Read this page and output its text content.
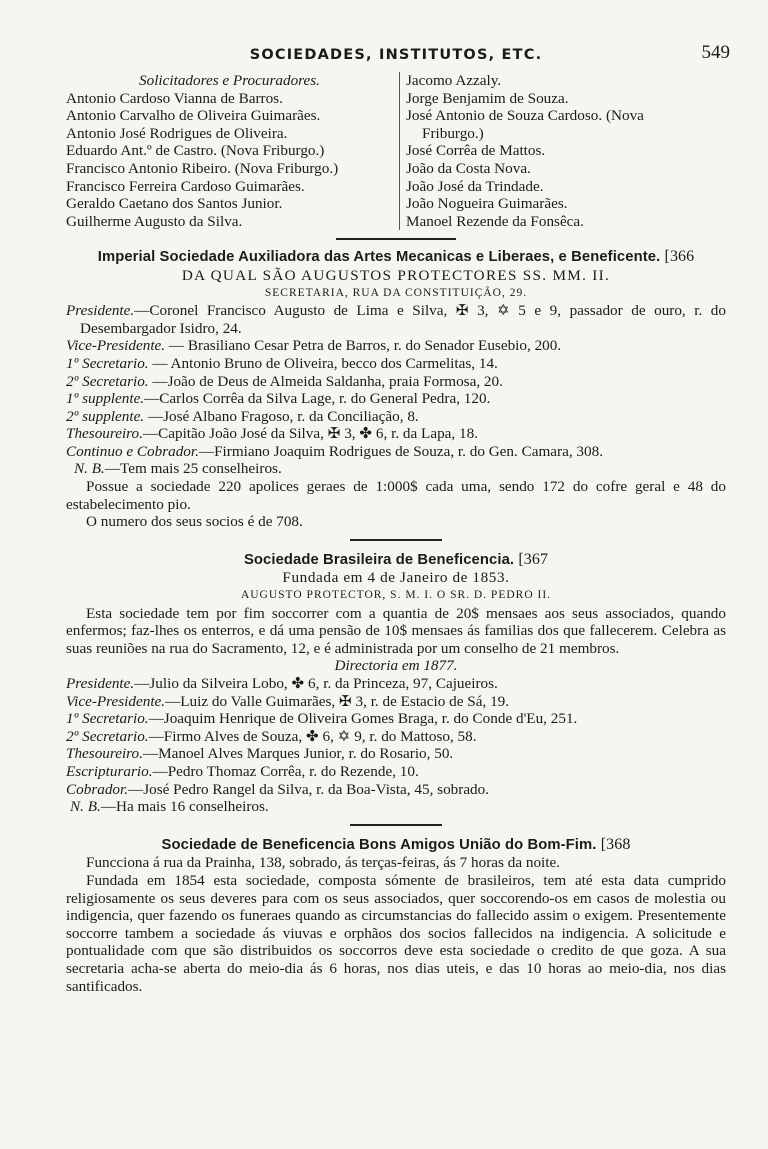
SOCIEDADES, INSTITUTOS, ETC.	549
Solicitadores e Procuradores.
Antonio Cardoso Vianna de Barros.
Antonio Carvalho de Oliveira Guimarães.
Antonio José Rodrigues de Oliveira.
Eduardo Ant.º de Castro. (Nova Friburgo.)
Francisco Antonio Ribeiro. (Nova Friburgo.)
Francisco Ferreira Cardoso Guimarães.
Geraldo Caetano dos Santos Junior.
Guilherme Augusto da Silva.
Jacomo Azzaly.
Jorge Benjamim de Souza.
José Antonio de Souza Cardoso. (Nova
Friburgo.)
José Corrêa de Mattos.
João da Costa Nova.
João José da Trindade.
João Nogueira Guimarães.
Manoel Rezende da Fonsêca.
Imperial Sociedade Auxiliadora das Artes Mecanicas e Liberaes, e Beneficente. [366
DA QUAL SÃO AUGUSTOS PROTECTORES SS. MM. II.
SECRETARIA, RUA DA CONSTITUIÇÃO, 29.
Presidente.—Coronel Francisco Augusto de Lima e Silva, ✠ 3, ✡ 5 e 9, passador de ouro, r. do Desembargador Isidro, 24.
Vice-Presidente. — Brasiliano Cesar Petra de Barros, r. do Senador Eusebio, 200.
1º Secretario. — Antonio Bruno de Oliveira, becco dos Carmelitas, 14.
2º Secretario. —João de Deus de Almeida Saldanha, praia Formosa, 20.
1º supplente.—Carlos Corrêa da Silva Lage, r. do General Pedra, 120.
2º supplente. —José Albano Fragoso, r. da Conciliação, 8.
Thesoureiro.—Capitão João José da Silva, ✠ 3, ✤ 6, r. da Lapa, 18.
Continuo e Cobrador.—Firmiano Joaquim Rodrigues de Souza, r. do Gen. Camara, 308.
N. B.—Tem mais 25 conselheiros.
Possue a sociedade 220 apolices geraes de 1:000$ cada uma, sendo 172 do cofre geral e 48 do estabelecimento pio.
O numero dos seus socios é de 708.
Sociedade Brasileira de Beneficencia. [367
Fundada em 4 de Janeiro de 1853.
AUGUSTO PROTECTOR, S. M. I. O SR. D. PEDRO II.
Esta sociedade tem por fim soccorrer com a quantia de 20$ mensaes aos seus associados, quando enfermos; faz-lhes os enterros, e dá uma pensão de 10$ mensaes ás familias dos que fallecerem. Celebra as suas reuniões na rua do Sacramento, 12, e é administrada por um conselho de 21 membros.
Directoria em 1877.
Presidente.—Julio da Silveira Lobo, ✤ 6, r. da Princeza, 97, Cajueiros.
Vice-Presidente.—Luiz do Valle Guimarães, ✠ 3, r. de Estacio de Sá, 19.
1º Secretario.—Joaquim Henrique de Oliveira Gomes Braga, r. do Conde d'Eu, 251.
2º Secretario.—Firmo Alves de Souza, ✤ 6, ✡ 9, r. do Mattoso, 58.
Thesoureiro.—Manoel Alves Marques Junior, r. do Rosario, 50.
Escripturario.—Pedro Thomaz Corrêa, r. do Rezende, 10.
Cobrador.—José Pedro Rangel da Silva, r. da Boa-Vista, 45, sobrado.
N. B.—Ha mais 16 conselheiros.
Sociedade de Beneficencia Bons Amigos União do Bom-Fim. [368
Funcciona á rua da Prainha, 138, sobrado, ás terças-feiras, ás 7 horas da noite.
Fundada em 1854 esta sociedade, composta sómente de brasileiros, tem até esta data cumprido religiosamente os seus deveres para com os seus associados, quer soccorendo-os em casos de molestia ou indigencia, quer fazendo os funeraes quando as circumstancias do fallecido assim o exigem. Presentemente soccorre tambem a sociedade ás viuvas e orphãos dos socios fallecidos na indigencia. A solicitude e pontualidade com que são distribuidos os soccorros deve esta sociedade o credito de que goza. A sua secretaria acha-se aberta do meio-dia ás 6 horas, nos dias uteis, e das 10 horas ao meio-dia, nos dias santificados.
